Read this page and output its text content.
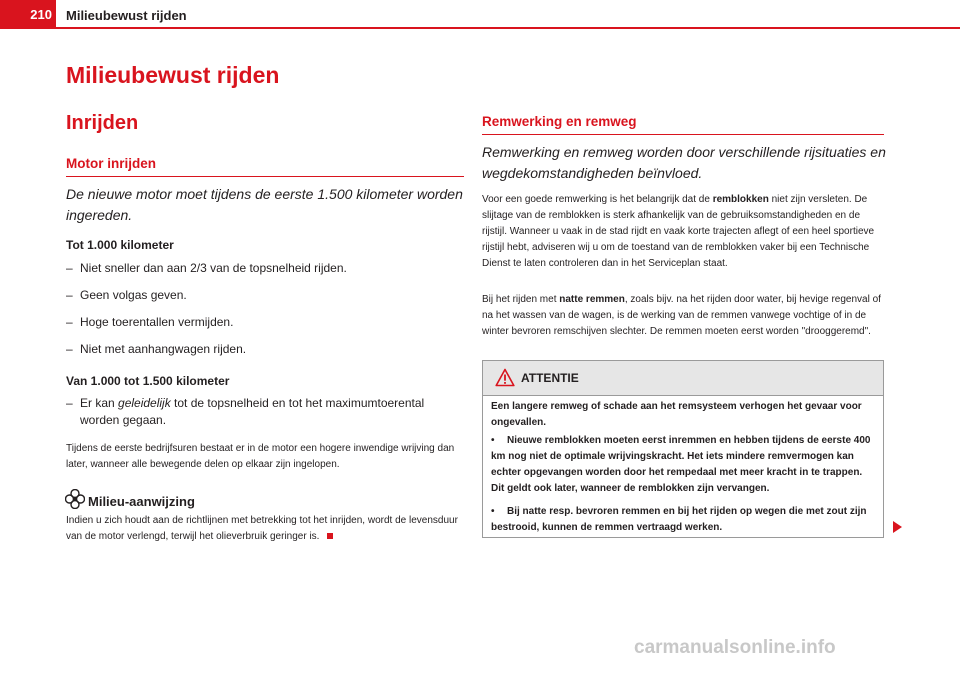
210	Milieubewust rijden
Milieubewust rijden
Inrijden
Motor inrijden

De nieuwe motor moet tijdens de eerste 1.500 kilometer worden ingereden.

Tot 1.000 kilometer

– Niet sneller dan aan 2/3 van de topsnelheid rijden.
– Geen volgas geven.
– Hoge toerentallen vermijden.
– Niet met aanhangwagen rijden.

Van 1.000 tot 1.500 kilometer

– Er kan geleidelijk tot de topsnelheid en tot het maximumtoerental worden gegaan.

Tijdens de eerste bedrijfsuren bestaat er in de motor een hogere inwendige wrijving dan later, wanneer alle bewegende delen op elkaar zijn ingelopen.

Milieu-aanwijzing

Indien u zich houdt aan de richtlijnen met betrekking tot het inrijden, wordt de levensduur van de motor verlengd, terwijl het olieverbruik geringer is.

Remwerking en remweg

Remwerking en remweg worden door verschillende rijsituaties en wegdekomstandigheden beïnvloed.

Voor een goede remwerking is het belangrijk dat de remblokken niet zijn versleten. De slijtage van de remblokken is sterk afhankelijk van de gebruiksomstandigheden en de rijstijl. Wanneer u vaak in de stad rijdt en vaak korte trajecten aflegt of een heel sportieve rijstijl hebt, adviseren wij u om de toestand van de remblokken vaker bij een Technische Dienst te laten controleren dan in het Serviceplan staat.

Bij het rijden met natte remmen, zoals bijv. na het rijden door water, bij hevige regenval of na het wassen van de wagen, is de werking van de remmen vanwege vochtige of in de winter bevroren remschijven slechter. De remmen moeten eerst worden "drooggeremd".

ATTENTIE

Een langere remweg of schade aan het remsysteem verhogen het gevaar voor ongevallen.

•	Nieuwe remblokken moeten eerst inremmen en hebben tijdens de eerste 400 km nog niet de optimale wrijvingskracht. Het iets mindere remvermogen kan echter opgevangen worden door het rempedaal met meer kracht in te trappen. Dit geldt ook later, wanneer de remblokken zijn vervangen.
•	Bij natte resp. bevroren remmen en bij het rijden op wegen die met zout zijn bestrooid, kunnen de remmen vertraagd werken.
carmanualsonline.info
